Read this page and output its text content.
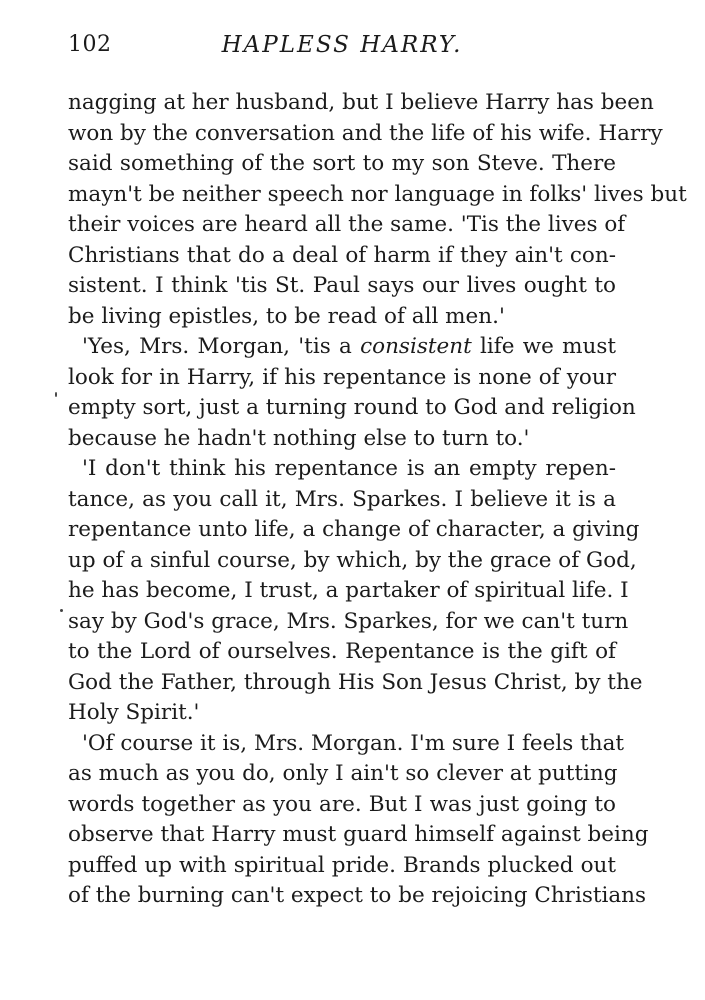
102	HAPLESS HARRY.
nagging at her husband, but I believe Harry has been
won by the conversation and the life of his wife. Harry
said something of the sort to my son Steve. There
mayn't be neither speech nor language in folks' lives but
their voices are heard all the same. 'Tis the lives of
Christians that do a deal of harm if they ain't con-
sistent. I think 'tis St. Paul says our lives ought to
be living epistles, to be read of all men.'
'Yes, Mrs. Morgan, 'tis a consistent life we must
look for in Harry, if his repentance is none of your
empty sort, just a turning round to God and religion
because he hadn't nothing else to turn to.'
'I don't think his repentance is an empty repen-
tance, as you call it, Mrs. Sparkes. I believe it is a
repentance unto life, a change of character, a giving
up of a sinful course, by which, by the grace of God,
he has become, I trust, a partaker of spiritual life. I
say by God's grace, Mrs. Sparkes, for we can't turn
to the Lord of ourselves. Repentance is the gift of
God the Father, through His Son Jesus Christ, by the
Holy Spirit.'
'Of course it is, Mrs. Morgan. I'm sure I feels that
as much as you do, only I ain't so clever at putting
words together as you are. But I was just going to
observe that Harry must guard himself against being
puffed up with spiritual pride. Brands plucked out
of the burning can't expect to be rejoicing Christians
